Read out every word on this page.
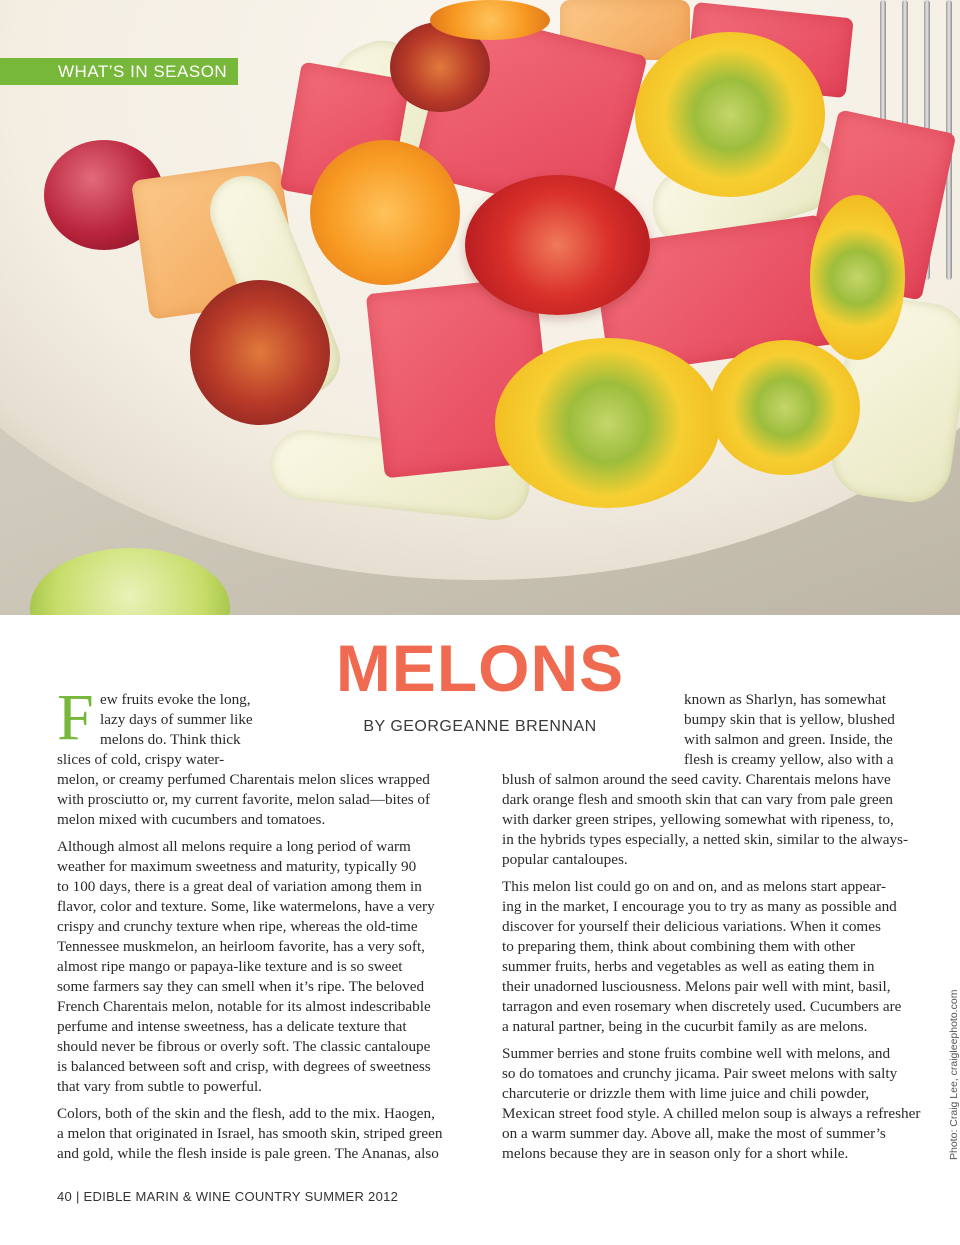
WHAT’S IN SEASON
MELONS
BY GEORGEANNE BRENNAN
F ew fruits evoke the long,
lazy days of summer like
melons do. Think thick
slices of cold, crispy water-
melon, or creamy perfumed Charentais melon slices wrapped
with prosciutto or, my current favorite, melon salad—bites of
melon mixed with cucumbers and tomatoes.
Although almost all melons require a long period of warm
weather for maximum sweetness and maturity, typically 90
to 100 days, there is a great deal of variation among them in
flavor, color and texture. Some, like watermelons, have a very
crispy and crunchy texture when ripe, whereas the old-time
Tennessee muskmelon, an heirloom favorite, has a very soft,
almost ripe mango or papaya-like texture and is so sweet
some farmers say they can smell when it’s ripe. The beloved
French Charentais melon, notable for its almost indescribable
perfume and intense sweetness, has a delicate texture that
should never be fibrous or overly soft. The classic cantaloupe
is balanced between soft and crisp, with degrees of sweetness
that vary from subtle to powerful.
Colors, both of the skin and the flesh, add to the mix. Haogen,
a melon that originated in Israel, has smooth skin, striped green
and gold, while the flesh inside is pale green. The Ananas, also
known as Sharlyn, has somewhat
bumpy skin that is yellow, blushed
with salmon and green. Inside, the
flesh is creamy yellow, also with a
blush of salmon around the seed cavity. Charentais melons have
dark orange flesh and smooth skin that can vary from pale green
with darker green stripes, yellowing somewhat with ripeness, to,
in the hybrids types especially, a netted skin, similar to the always-
popular cantaloupes.
This melon list could go on and on, and as melons start appear-
ing in the market, I encourage you to try as many as possible and
discover for yourself their delicious variations. When it comes
to preparing them, think about combining them with other
summer fruits, herbs and vegetables as well as eating them in
their unadorned lusciousness. Melons pair well with mint, basil,
tarragon and even rosemary when discretely used. Cucumbers are
a natural partner, being in the cucurbit family as are melons.
Summer berries and stone fruits combine well with melons, and
so do tomatoes and crunchy jicama. Pair sweet melons with salty
charcuterie or drizzle them with lime juice and chili powder,
Mexican street food style. A chilled melon soup is always a refresher
on a warm summer day. Above all, make the most of summer’s
melons because they are in season only for a short while.
40 | EDIBLE MARIN & WINE COUNTRY SUMMER 2012
Photo: Craig Lee, craigleephoto.com
